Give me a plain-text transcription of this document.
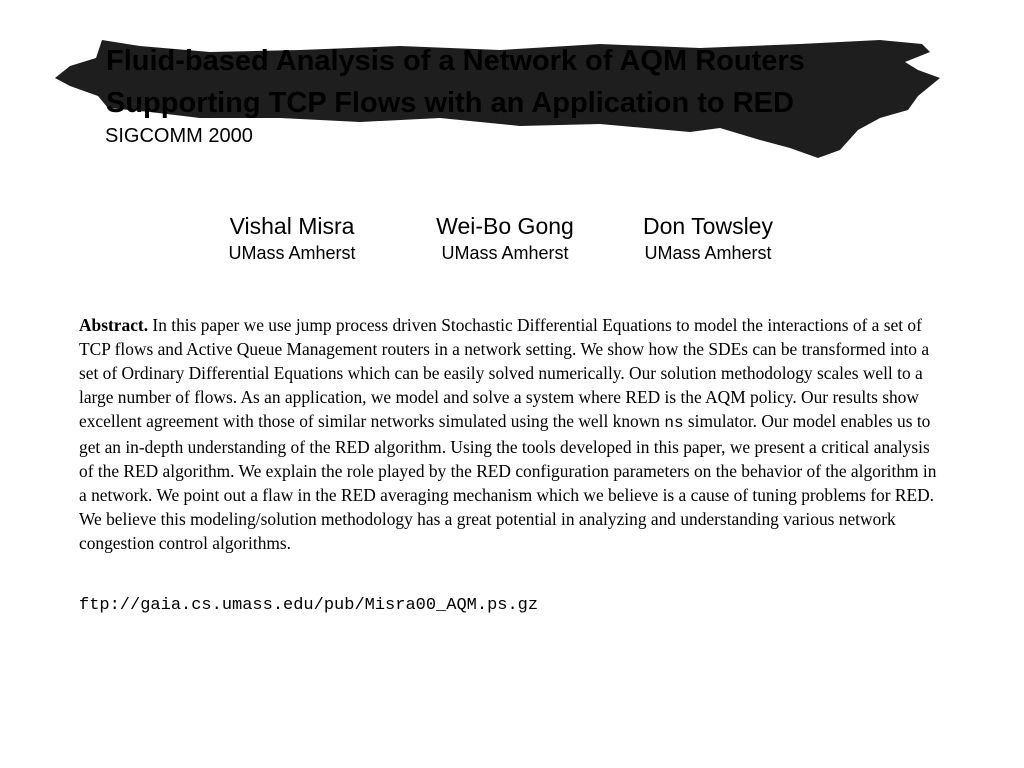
Fluid-based Analysis of a Network of AQM Routers
Supporting TCP Flows with an Application to RED
SIGCOMM 2000
Vishal Misra
UMass Amherst
Wei-Bo Gong
UMass Amherst
Don Towsley
UMass Amherst

Abstract. In this paper we use jump process driven Stochastic Differential Equations to model the interactions of a set of TCP flows and Active Queue Management routers in a network setting. We show how the SDEs can be transformed into a set of Ordinary Differential Equations which can be easily solved numerically. Our solution methodology scales well to a large number of flows. As an application, we model and solve a system where RED is the AQM policy. Our results show excellent agreement with those of similar networks simulated using the well known ns simulator. Our model enables us to get an in-depth understanding of the RED algorithm. Using the tools developed in this paper, we present a critical analysis of the RED algorithm. We explain the role played by the RED configuration parameters on the behavior of the algorithm in a network. We point out a flaw in the RED averaging mechanism which we believe is a cause of tuning problems for RED. We believe this modeling/solution methodology has a great potential in analyzing and understanding various network congestion control algorithms.

ftp://gaia.cs.umass.edu/pub/Misra00_AQM.ps.gz
